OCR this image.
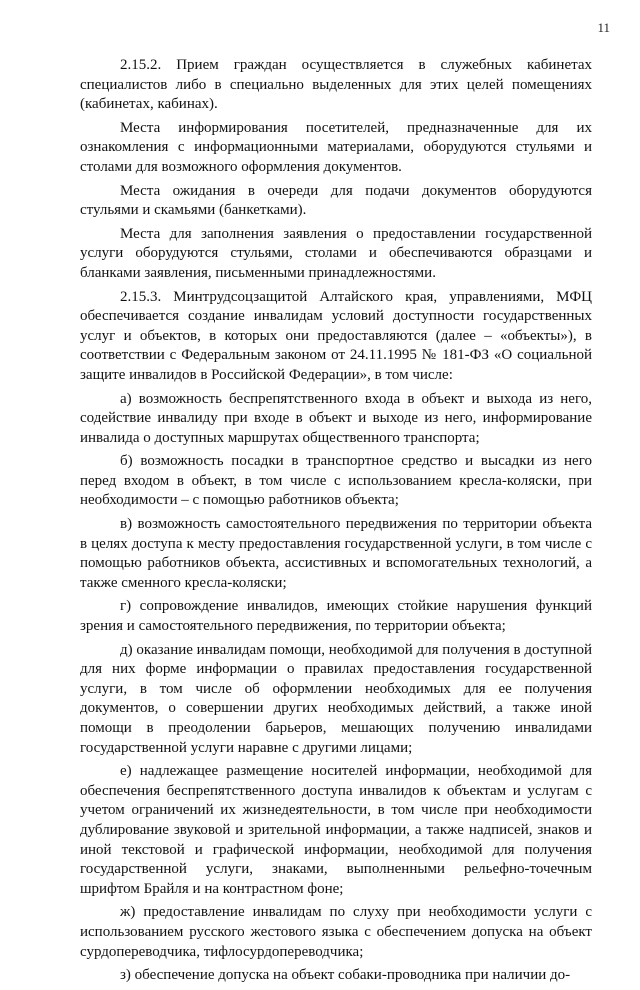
11

2.15.2. Прием граждан осуществляется в служебных кабинетах специалистов либо в специально выделенных для этих целей помещениях (кабинетах, кабинах).

Места информирования посетителей, предназначенные для их ознакомления с информационными материалами, оборудуются стульями и столами для возможного оформления документов.

Места ожидания в очереди для подачи документов оборудуются стульями и скамьями (банкетками).

Места для заполнения заявления о предоставлении государственной услуги оборудуются стульями, столами и обеспечиваются образцами и бланками заявления, письменными принадлежностями.

2.15.3. Минтрудсоцзащитой Алтайского края, управлениями, МФЦ обеспечивается создание инвалидам условий доступности государственных услуг и объектов, в которых они предоставляются (далее – «объекты»), в соответствии с Федеральным законом от 24.11.1995 № 181-ФЗ «О социальной защите инвалидов в Российской Федерации», в том числе:

а) возможность беспрепятственного входа в объект и выхода из него, содействие инвалиду при входе в объект и выходе из него, информирование инвалида о доступных маршрутах общественного транспорта;

б) возможность посадки в транспортное средство и высадки из него перед входом в объект, в том числе с использованием кресла-коляски, при необходимости – с помощью работников объекта;

в) возможность самостоятельного передвижения по территории объекта в целях доступа к месту предоставления государственной услуги, в том числе с помощью работников объекта, ассистивных и вспомогательных технологий, а также сменного кресла-коляски;

г) сопровождение инвалидов, имеющих стойкие нарушения функций зрения и самостоятельного передвижения, по территории объекта;

д) оказание инвалидам помощи, необходимой для получения в доступной для них форме информации о правилах предоставления государственной услуги, в том числе об оформлении необходимых для ее получения документов, о совершении других необходимых действий, а также иной помощи в преодолении барьеров, мешающих получению инвалидами государственной услуги наравне с другими лицами;

е) надлежащее размещение носителей информации, необходимой для обеспечения беспрепятственного доступа инвалидов к объектам и услугам с учетом ограничений их жизнедеятельности, в том числе при необходимости дублирование звуковой и зрительной информации, а также надписей, знаков и иной текстовой и графической информации, необходимой для получения государственной услуги, знаками, выполненными рельефно-точечным шрифтом Брайля и на контрастном фоне;

ж) предоставление инвалидам по слуху при необходимости услуги с использованием русского жестового языка с обеспечением допуска на объект сурдопереводчика, тифлосурдопереводчика;

з) обеспечение допуска на объект собаки-проводника при наличии до-
